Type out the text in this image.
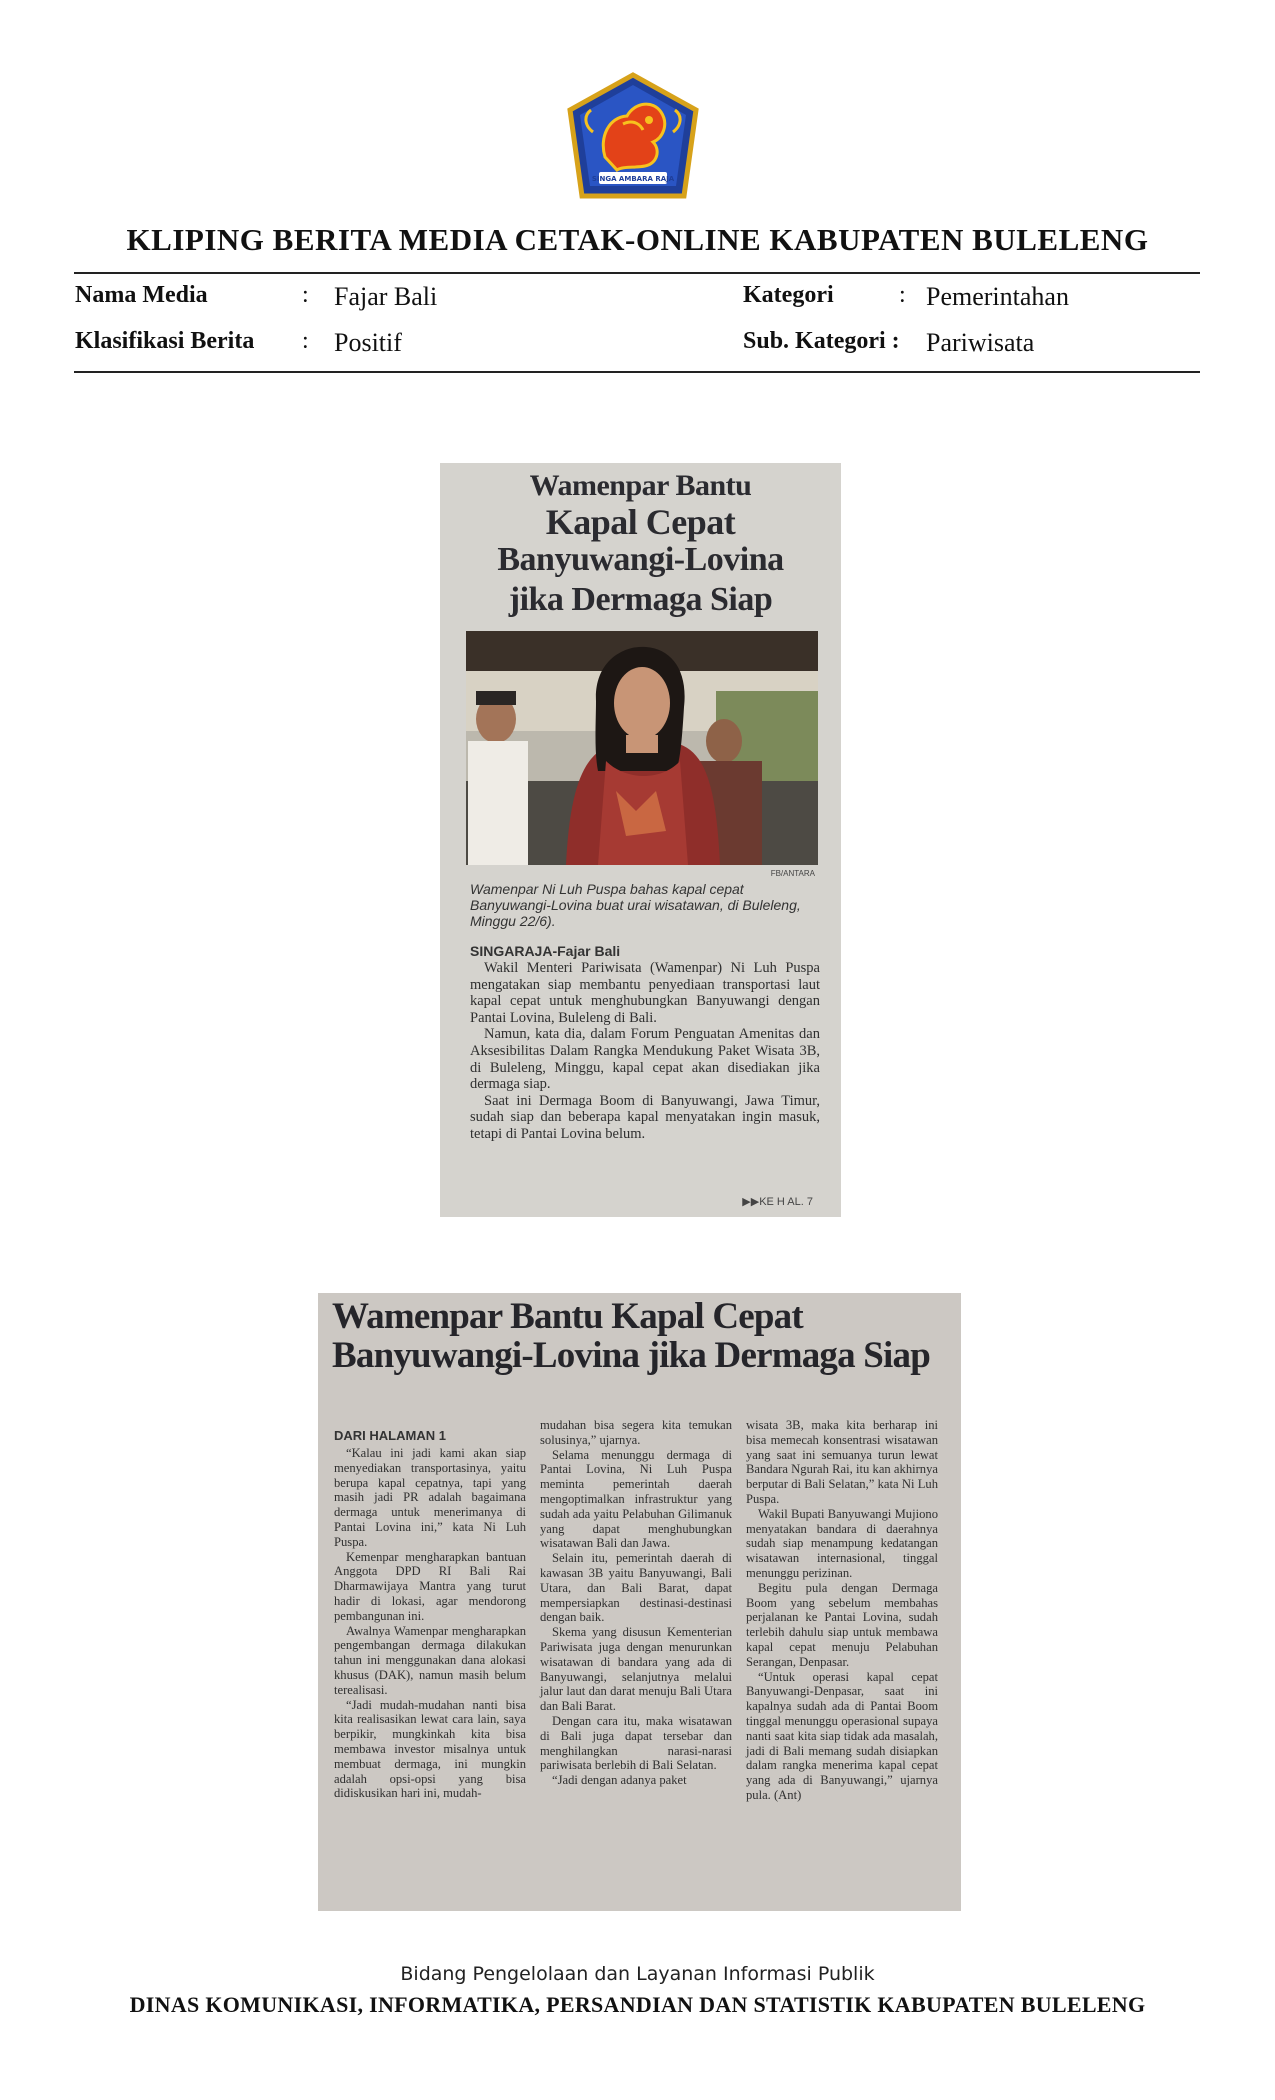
SINGA AMBARA RAJA
KLIPING BERITA MEDIA CETAK-ONLINE KABUPATEN BULELENG
Nama Media	: Fajar Bali	Kategori	: Pemerintahan
Klasifikasi Berita : Positif	Sub. Kategori : Pariwisata
Wamenpar Bantu
Kapal Cepat
Banyuwangi-Lovina
jika Dermaga Siap
FB/ANTARA
Wamenpar Ni Luh Puspa bahas kapal cepat Banyuwangi-Lovina buat urai wisatawan, di Buleleng, Minggu 22/6).
SINGARAJA-Fajar Bali

Wakil Menteri Pariwisata (Wamenpar) Ni Luh Puspa mengatakan siap membantu penyediaan transportasi laut kapal cepat untuk menghubungkan Banyuwangi dengan Pantai Lovina, Buleleng di Bali.

Namun, kata dia, dalam Forum Penguatan Amenitas dan Aksesibilitas Dalam Rangka Mendukung Paket Wisata 3B, di Buleleng, Minggu, kapal cepat akan disediakan jika dermaga siap.

Saat ini Dermaga Boom di Banyuwangi, Jawa Timur, sudah siap dan beberapa kapal menyatakan ingin masuk, tetapi di Pantai Lovina belum.

▶▶KE H AL. 7
Wamenpar Bantu Kapal Cepat Banyuwangi-Lovina jika Dermaga Siap
DARI HALAMAN 1

“Kalau ini jadi kami akan siap menyediakan transportasinya, yaitu berupa kapal cepatnya, tapi yang masih jadi PR adalah bagaimana dermaga untuk menerimanya di Pantai Lovina ini,” kata Ni Luh Puspa.

Kemenpar mengharapkan bantuan Anggota DPD RI Bali Rai Dharmawijaya Mantra yang turut hadir di lokasi, agar mendorong pembangunan ini.

Awalnya Wamenpar mengharapkan pengembangan dermaga dilakukan tahun ini menggunakan dana alokasi khusus (DAK), namun masih belum terealisasi.

“Jadi mudah-mudahan nanti bisa kita realisasikan lewat cara lain, saya berpikir, mungkinkah kita bisa membawa investor misalnya untuk membuat dermaga, ini mungkin adalah opsi-opsi yang bisa didiskusikan hari ini, mudah-

mudahan bisa segera kita temukan solusinya,” ujarnya.

Selama menunggu dermaga di Pantai Lovina, Ni Luh Puspa meminta pemerintah daerah mengoptimalkan infrastruktur yang sudah ada yaitu Pelabuhan Gilimanuk yang dapat menghubungkan wisatawan Bali dan Jawa.

Selain itu, pemerintah daerah di kawasan 3B yaitu Banyuwangi, Bali Utara, dan Bali Barat, dapat mempersiapkan destinasi-destinasi dengan baik.

Skema yang disusun Kementerian Pariwisata juga dengan menurunkan wisatawan di bandara yang ada di Banyuwangi, selanjutnya melalui jalur laut dan darat menuju Bali Utara dan Bali Barat.

Dengan cara itu, maka wisatawan di Bali juga dapat tersebar dan menghilangkan narasi-narasi pariwisata berlebih di Bali Selatan.

“Jadi dengan adanya paket

wisata 3B, maka kita berharap ini bisa memecah konsentrasi wisatawan yang saat ini semuanya turun lewat Bandara Ngurah Rai, itu kan akhirnya berputar di Bali Selatan,” kata Ni Luh Puspa.

Wakil Bupati Banyuwangi Mujiono menyatakan bandara di daerahnya sudah siap menampung kedatangan wisatawan internasional, tinggal menunggu perizinan.

Begitu pula dengan Dermaga Boom yang sebelum membahas perjalanan ke Pantai Lovina, sudah terlebih dahulu siap untuk membawa kapal cepat menuju Pelabuhan Serangan, Denpasar.

“Untuk operasi kapal cepat Banyuwangi-Denpasar, saat ini kapalnya sudah ada di Pantai Boom tinggal menunggu operasional supaya nanti saat kita siap tidak ada masalah, jadi di Bali memang sudah disiapkan dalam rangka menerima kapal cepat yang ada di Banyuwangi,” ujarnya pula. (Ant)

Bidang Pengelolaan dan Layanan Informasi Publik
DINAS KOMUNIKASI, INFORMATIKA, PERSANDIAN DAN STATISTIK KABUPATEN BULELENG
